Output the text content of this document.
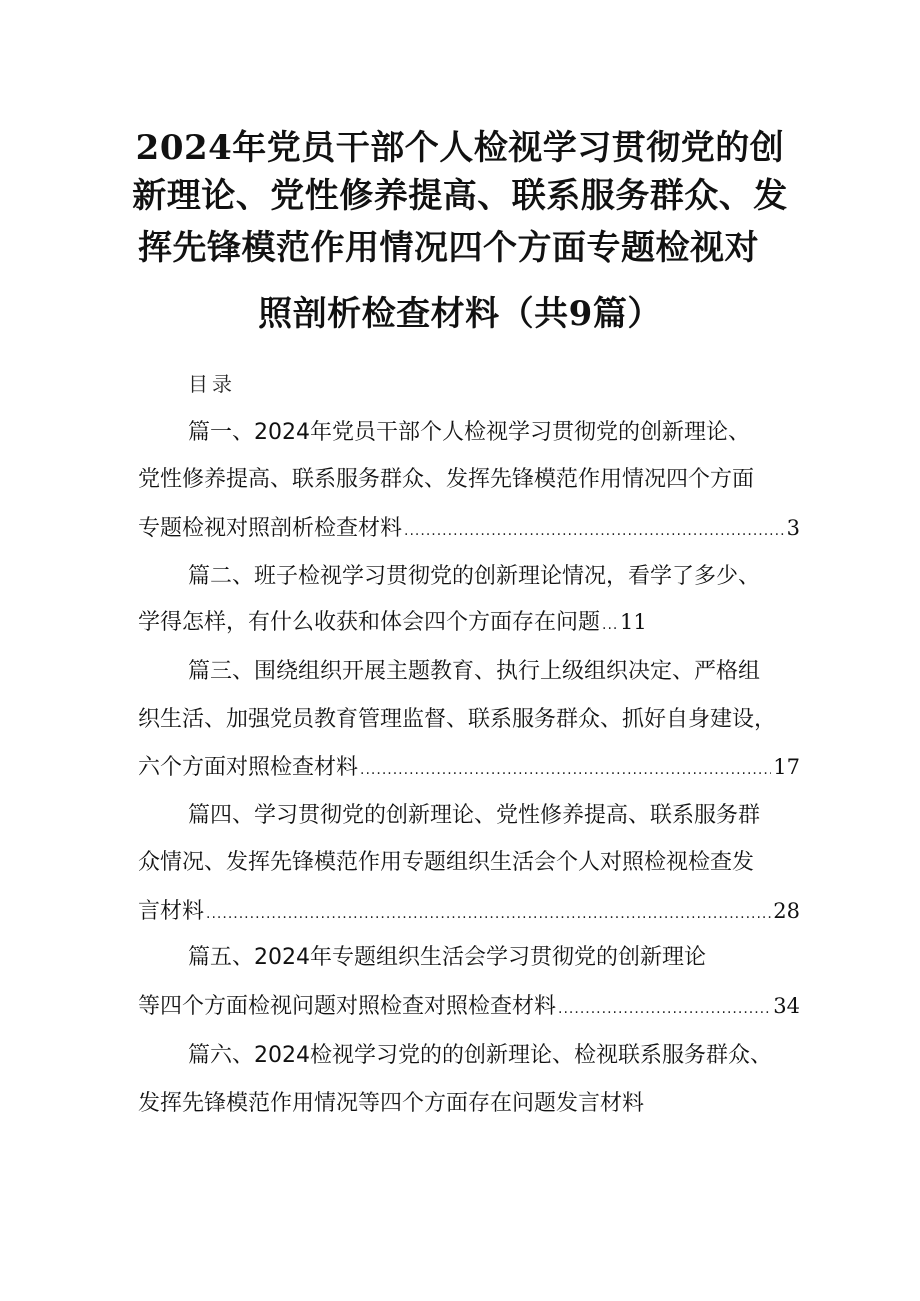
2024年党员干部个人检视学习贯彻党的创
新理论、党性修养提高、联系服务群众、发
挥先锋模范作用情况四个方面专题检视对
照剖析检查材料（共9篇）
目录
篇一、2024年党员干部个人检视学习贯彻党的创新理论、
党性修养提高、联系服务群众、发挥先锋模范作用情况四个方面
专题检视对照剖析检查材料 .....	3
篇二、班子检视学习贯彻党的创新理论情况，看学了多少、
学得怎样，有什么收获和体会四个方面存在问题 ..... 11
篇三、围绕组织开展主题教育、执行上级组织决定、严格组
织生活、加强党员教育管理监督、联系服务群众、抓好自身建设，
六个方面对照检查材料 .....	17
篇四、学习贯彻党的创新理论、党性修养提高、联系服务群
众情况、发挥先锋模范作用专题组织生活会个人对照检视检查发
言材料 .....	28
篇五、2024年专题组织生活会学习贯彻党的创新理论
等四个方面检视问题对照检查对照检查材料 .....	34
篇六、2024检视学习党的的创新理论、检视联系服务群众、
发挥先锋模范作用情况等四个方面存在问题发言材料
